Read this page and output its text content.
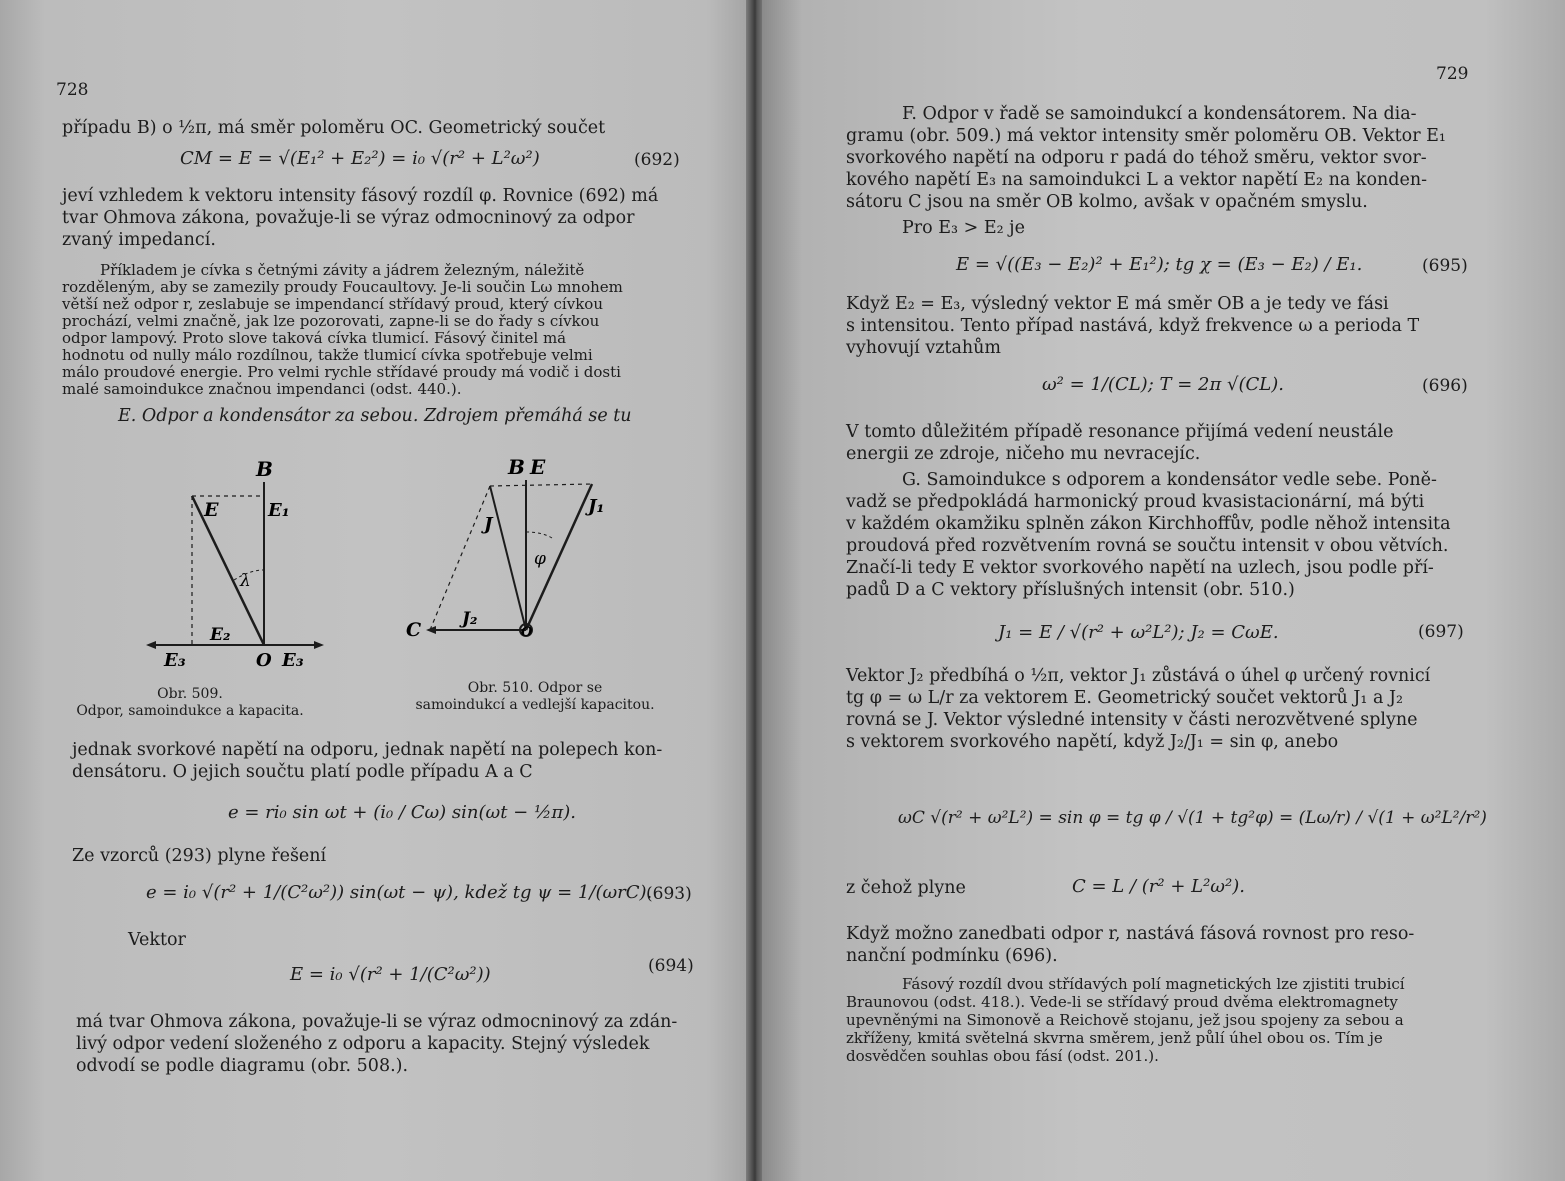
728
případu B) o ½π, má směr poloměru OC. Geometrický součet
CM = E = √(E₁² + E₂²) = i₀ √(r² + L²ω²)	(692)
jeví vzhledem k vektoru intensity fásový rozdíl φ. Rovnice (692) má
tvar Ohmova zákona, považuje-li se výraz odmocninový za odpor
zvaný impedancí.
Příkladem je cívka s četnými závity a jádrem železným, náležitě
rozděleným, aby se zamezily proudy Foucaultovy. Je-li součin Lω mnohem
větší než odpor r, zeslabuje se impendancí střídavý proud, který cívkou
prochází, velmi značně, jak lze pozorovati, zapne-li se do řady s cívkou
odpor lampový. Proto slove taková cívka tlumicí. Fásový činitel má
hodnotu od nully málo rozdílnou, takže tlumicí cívka spotřebuje velmi
málo proudové energie. Pro velmi rychle střídavé proudy má vodič i dosti
malé samoindukce značnou impendanci (odst. 440.).
E. Odpor a kondensátor za sebou. Zdrojem přemáhá se tu
B
E	E₁
λ
E₂
E₃	O E₃
Obr. 509.
Odpor, samoindukce a kapacita.
B E
J
J₁
φ
C J₂
O
Obr. 510. Odpor se
samoindukcí a vedlejší kapacitou.
jednak svorkové napětí na odporu, jednak napětí na polepech kon-
densátoru. O jejich součtu platí podle případu A a C
e = ri₀ sin ωt + (i₀ / Cω) sin(ωt − ½π).
Ze vzorců (293) plyne řešení
e = i₀ √(r² + 1/(C²ω²)) sin(ωt − ψ), kdež tg ψ = 1/(ωrC).
(693)
Vektor
E = i₀ √(r² + 1/(C²ω²))	(694)
má tvar Ohmova zákona, považuje-li se výraz odmocninový za zdán-
livý odpor vedení složeného z odporu a kapacity. Stejný výsledek
odvodí se podle diagramu (obr. 508.).
729
F. Odpor v řadě se samoindukcí a kondensátorem. Na dia-
gramu (obr. 509.) má vektor intensity směr poloměru OB. Vektor E₁
svorkového napětí na odporu r padá do téhož směru, vektor svor-
kového napětí E₃ na samoindukci L a vektor napětí E₂ na konden-
sátoru C jsou na směr OB kolmo, avšak v opačném smyslu.
Pro E₃ > E₂ je
E = √((E₃ − E₂)² + E₁²); tg χ = (E₃ − E₂) / E₁.	(695)
Když E₂ = E₃, výsledný vektor E má směr OB a je tedy ve fási
s intensitou. Tento případ nastává, když frekvence ω a perioda T
vyhovují vztahům
ω² = 1/(CL); T = 2π √(CL).	(696)
V tomto důležitém případě resonance přijímá vedení neustále
energii ze zdroje, ničeho mu nevracejíc.
G. Samoindukce s odporem a kondensátor vedle sebe. Poně-
vadž se předpokládá harmonický proud kvasistacionární, má býti
v každém okamžiku splněn zákon Kirchhoffův, podle něhož intensita
proudová před rozvětvením rovná se součtu intensit v obou větvích.
Značí-li tedy E vektor svorkového napětí na uzlech, jsou podle pří-
padů D a C vektory příslušných intensit (obr. 510.)
J₁ = E / √(r² + ω²L²); J₂ = CωE.	(697)
Vektor J₂ předbíhá o ½π, vektor J₁ zůstává o úhel φ určený rovnicí
tg φ = ω L/r za vektorem E. Geometrický součet vektorů J₁ a J₂
rovná se J. Vektor výsledné intensity v části nerozvětvené splyne
s vektorem svorkového napětí, když J₂/J₁ = sin φ, anebo
ωC √(r² + ω²L²) = sin φ = tg φ / √(1 + tg²φ) = (Lω/r) / √(1 + ω²L²/r²)
z čehož plyne	C = L / (r² + L²ω²).
Když možno zanedbati odpor r, nastává fásová rovnost pro reso-
nanční podmínku (696).
Fásový rozdíl dvou střídavých polí magnetických lze zjistiti trubicí
Braunovou (odst. 418.). Vede-li se střídavý proud dvěma elektromagnety
upevněnými na Simonově a Reichově stojanu, jež jsou spojeny za sebou a
zkříženy, kmitá světelná skvrna směrem, jenž půlí úhel obou os. Tím je
dosvědčen souhlas obou fásí (odst. 201.).
